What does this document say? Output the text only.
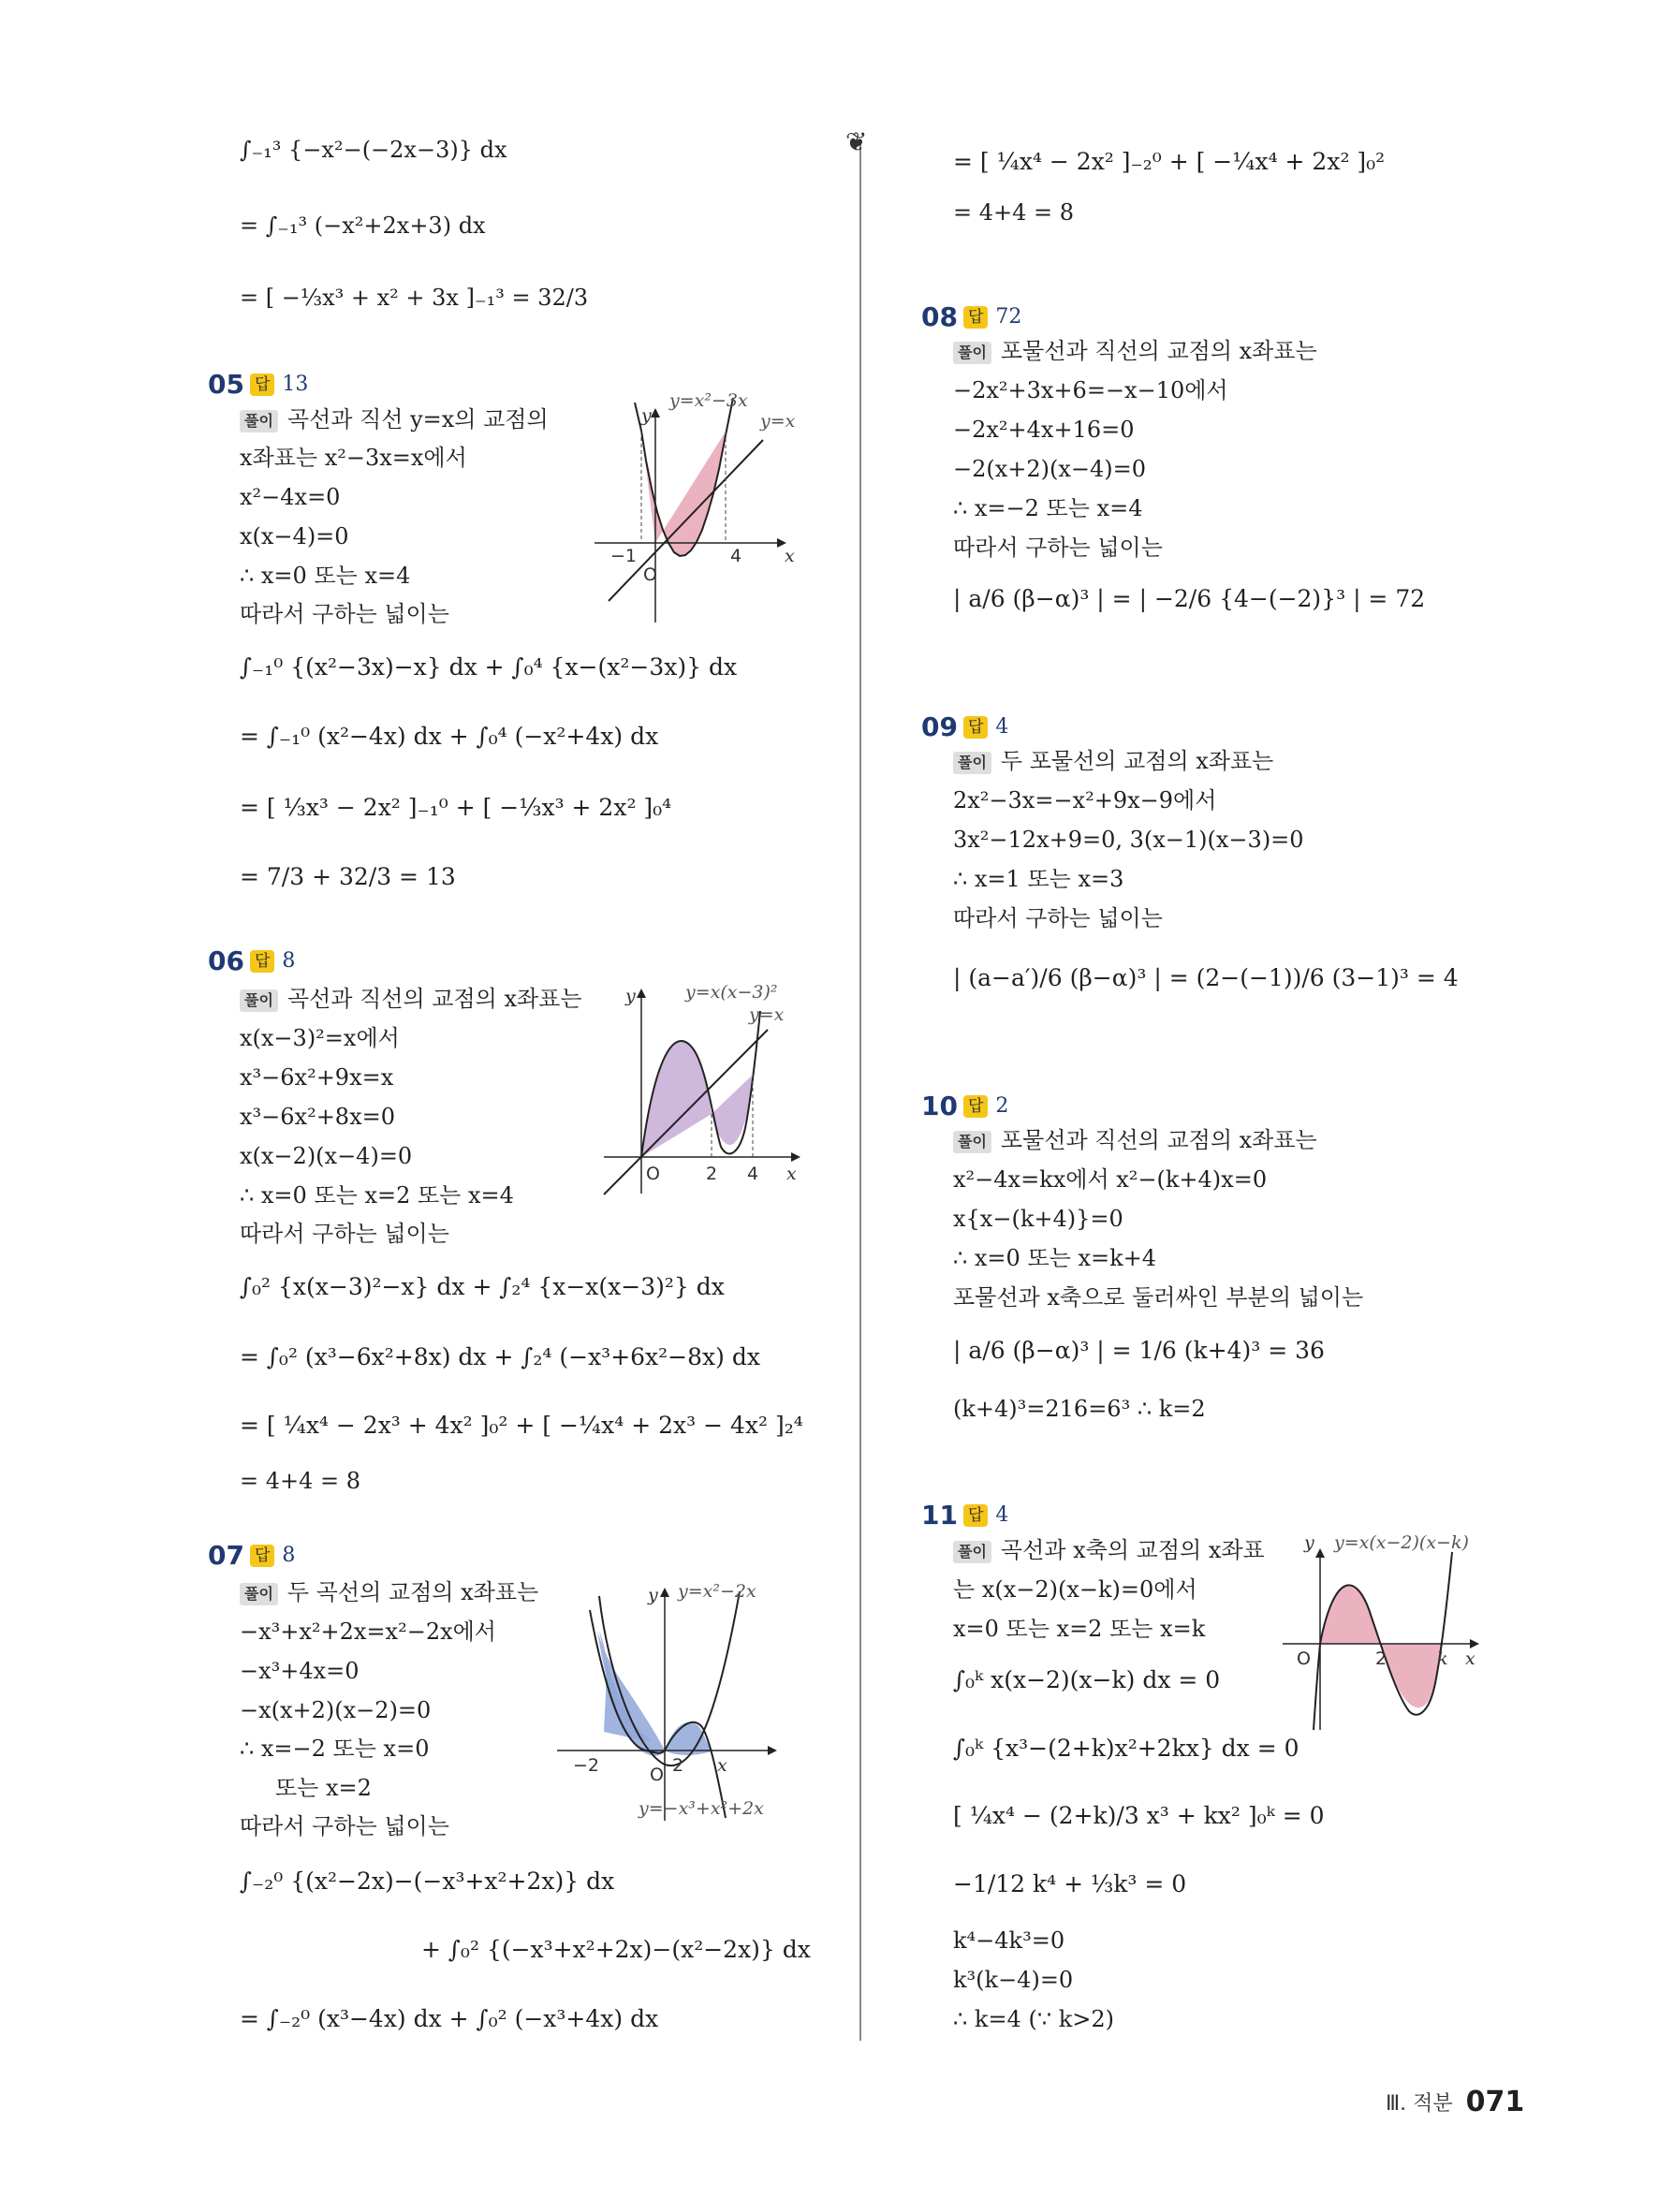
∫₋₁³ {−x²−(−2x−3)} dx
= ∫₋₁³ (−x²+2x+3) dx
= [ −⅓x³ + x² + 3x ]₋₁³ = 32/3
05 답 13
풀이 곡선과 직선 y=x의 교점의
x좌표는 x²−3x=x에서
x²−4x=0
x(x−4)=0
∴ x=0 또는 x=4
따라서 구하는 넓이는
∫₋₁⁰ {(x²−3x)−x} dx + ∫₀⁴ {x−(x²−3x)} dx
= ∫₋₁⁰ (x²−4x) dx + ∫₀⁴ (−x²+4x) dx
= [ ⅓x³ − 2x² ]₋₁⁰ + [ −⅓x³ + 2x² ]₀⁴
= 7/3 + 32/3 = 13
06 답 8
풀이 곡선과 직선의 교점의 x좌표는
x(x−3)²=x에서
x³−6x²+9x=x
x³−6x²+8x=0
x(x−2)(x−4)=0
∴ x=0 또는 x=2 또는 x=4
따라서 구하는 넓이는
∫₀² {x(x−3)²−x} dx + ∫₂⁴ {x−x(x−3)²} dx
= ∫₀² (x³−6x²+8x) dx + ∫₂⁴ (−x³+6x²−8x) dx
= [ ¼x⁴ − 2x³ + 4x² ]₀² + [ −¼x⁴ + 2x³ − 4x² ]₂⁴
= 4+4 = 8
07 답 8
풀이 두 곡선의 교점의 x좌표는
−x³+x²+2x=x²−2x에서
−x³+4x=0
−x(x+2)(x−2)=0
∴ x=−2 또는 x=0
또는 x=2
따라서 구하는 넓이는
∫₋₂⁰ {(x²−2x)−(−x³+x²+2x)} dx
+ ∫₀² {(−x³+x²+2x)−(x²−2x)} dx
= ∫₋₂⁰ (x³−4x) dx + ∫₀² (−x³+4x) dx
y=x²−3x
y=x
y
x
O
−1	4
y=x(x−3)²
y=x
y
x
O	2 4
y=x²−2x
y=−x³+x²+2x
y
x
O
−2	2
❦
= [ ¼x⁴ − 2x² ]₋₂⁰ + [ −¼x⁴ + 2x² ]₀²
= 4+4 = 8
08 답 72
풀이 포물선과 직선의 교점의 x좌표는
−2x²+3x+6=−x−10에서
−2x²+4x+16=0
−2(x+2)(x−4)=0
∴ x=−2 또는 x=4
따라서 구하는 넓이는
| a/6 (β−α)³ | = | −2/6 {4−(−2)}³ | = 72
09 답 4
풀이 두 포물선의 교점의 x좌표는
2x²−3x=−x²+9x−9에서
3x²−12x+9=0, 3(x−1)(x−3)=0
∴ x=1 또는 x=3
따라서 구하는 넓이는
| (a−a′)/6 (β−α)³ | = (2−(−1))/6 (3−1)³ = 4
10 답 2
풀이 포물선과 직선의 교점의 x좌표는
x²−4x=kx에서 x²−(k+4)x=0
x{x−(k+4)}=0
∴ x=0 또는 x=k+4
포물선과 x축으로 둘러싸인 부분의 넓이는
| a/6 (β−α)³ | = 1/6 (k+4)³ = 36
(k+4)³=216=6³ ∴ k=2
11 답 4
풀이 곡선과 x축의 교점의 x좌표
는 x(x−2)(x−k)=0에서
x=0 또는 x=2 또는 x=k
∫₀ᵏ x(x−2)(x−k) dx = 0
∫₀ᵏ {x³−(2+k)x²+2kx} dx = 0
[ ¼x⁴ − (2+k)/3 x³ + kx² ]₀ᵏ = 0
−1/12 k⁴ + ⅓k³ = 0
k⁴−4k³=0
k³(k−4)=0
∴ k=4 (∵ k>2)
y=x(x−2)(x−k)
y
x
O	2	k
Ⅲ. 적분 071
